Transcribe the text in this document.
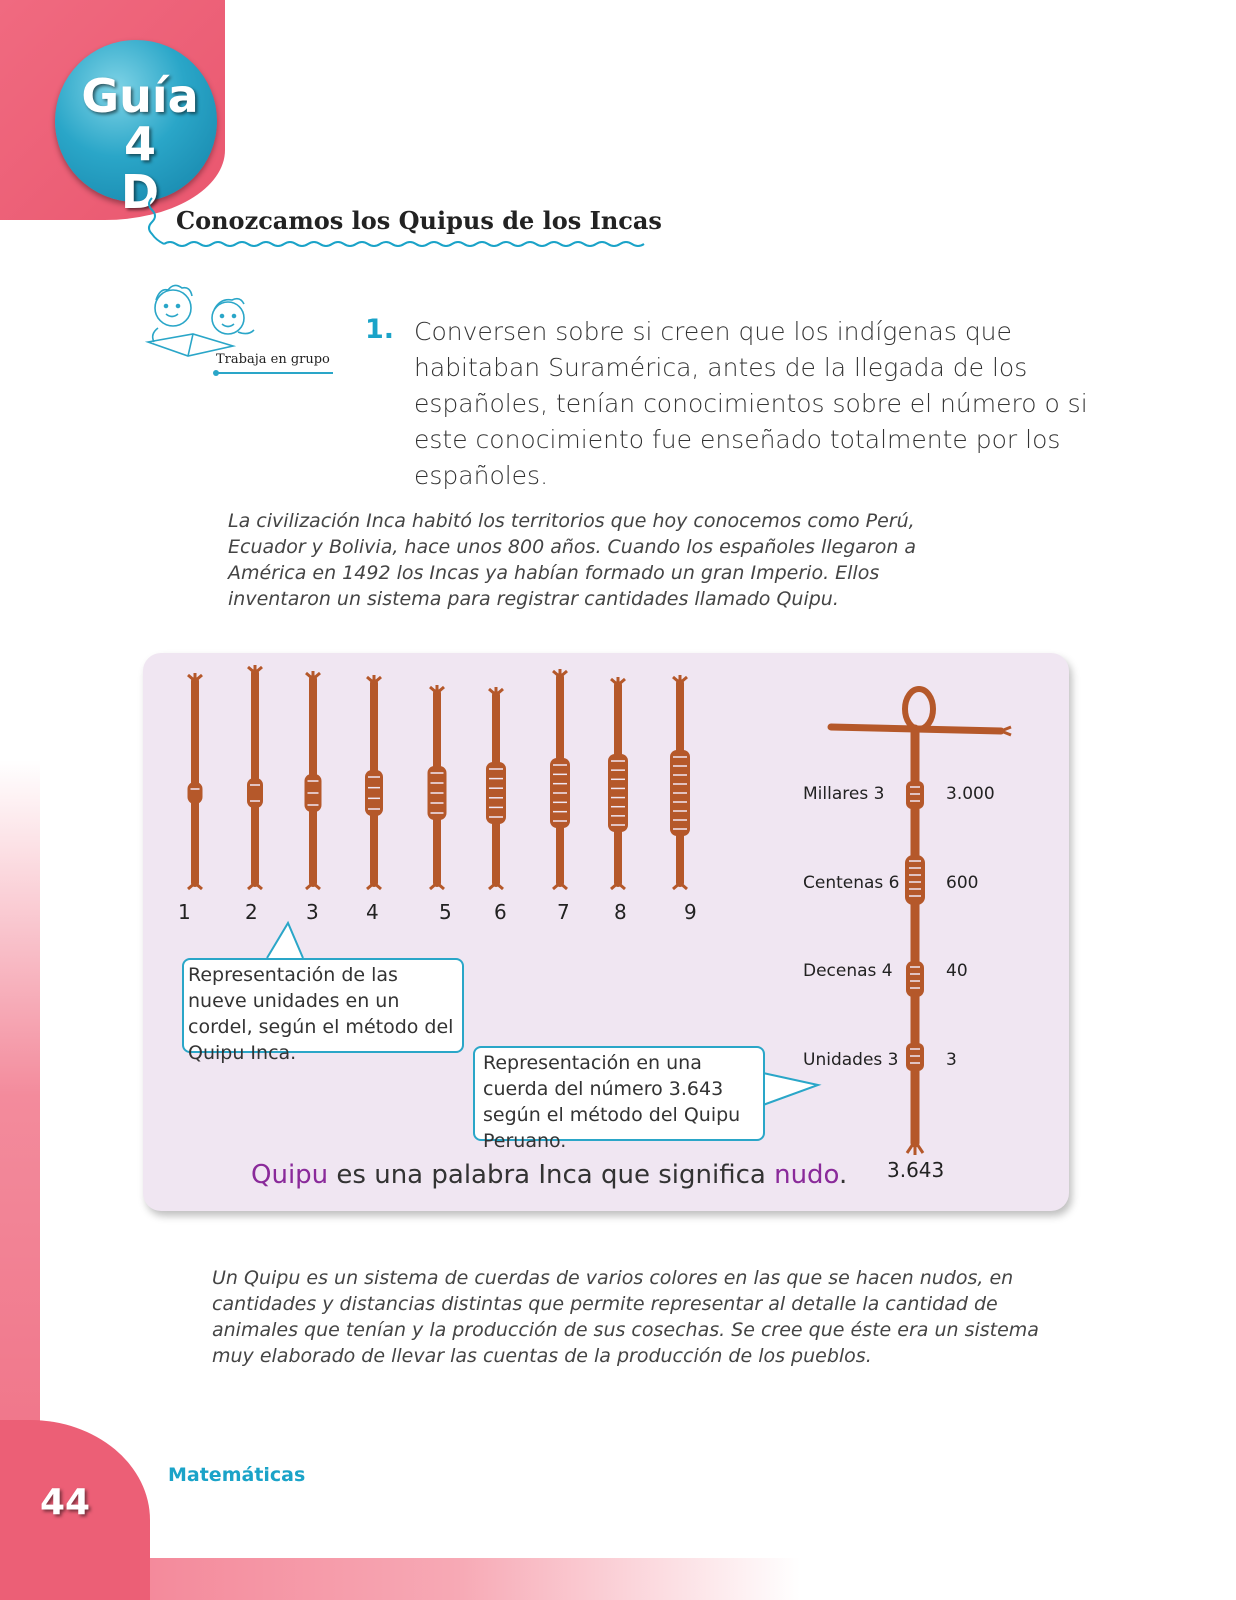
Guía 4
D
Conozcamos los Quipus de los Incas
Trabaja en grupo
1. Conversen sobre si creen que los indígenas que habitaban Suramérica, antes de la llegada de los españoles, tenían conocimientos sobre el número o si este conocimiento fue enseñado totalmente por los españoles.
La civilización Inca habitó los territorios que hoy conocemos como Perú, Ecuador y Bolivia, hace unos 800 años. Cuando los españoles llegaron a América en 1492 los Incas ya habían formado un gran Imperio. Ellos inventaron un sistema para registrar cantidades llamado Quipu.
1	2 3 4	5 6	7 8	9
Representación de las nueve unidades en un cordel, según el método del Quipu Inca.	Representación en una cuerda del número 3.643 según el método del Quipu Peruano.
Millares 3	3.000
Centenas 6	600
Decenas 4	40
Unidades 3	3
3.643
Quipu es una palabra Inca que significa nudo.
Un Quipu es un sistema de cuerdas de varios colores en las que se hacen nudos, en cantidades y distancias distintas que permite representar al detalle la cantidad de animales que tenían y la producción de sus cosechas. Se cree que éste era un sistema muy elaborado de llevar las cuentas de la producción de los pueblos.
Matemáticas
44
